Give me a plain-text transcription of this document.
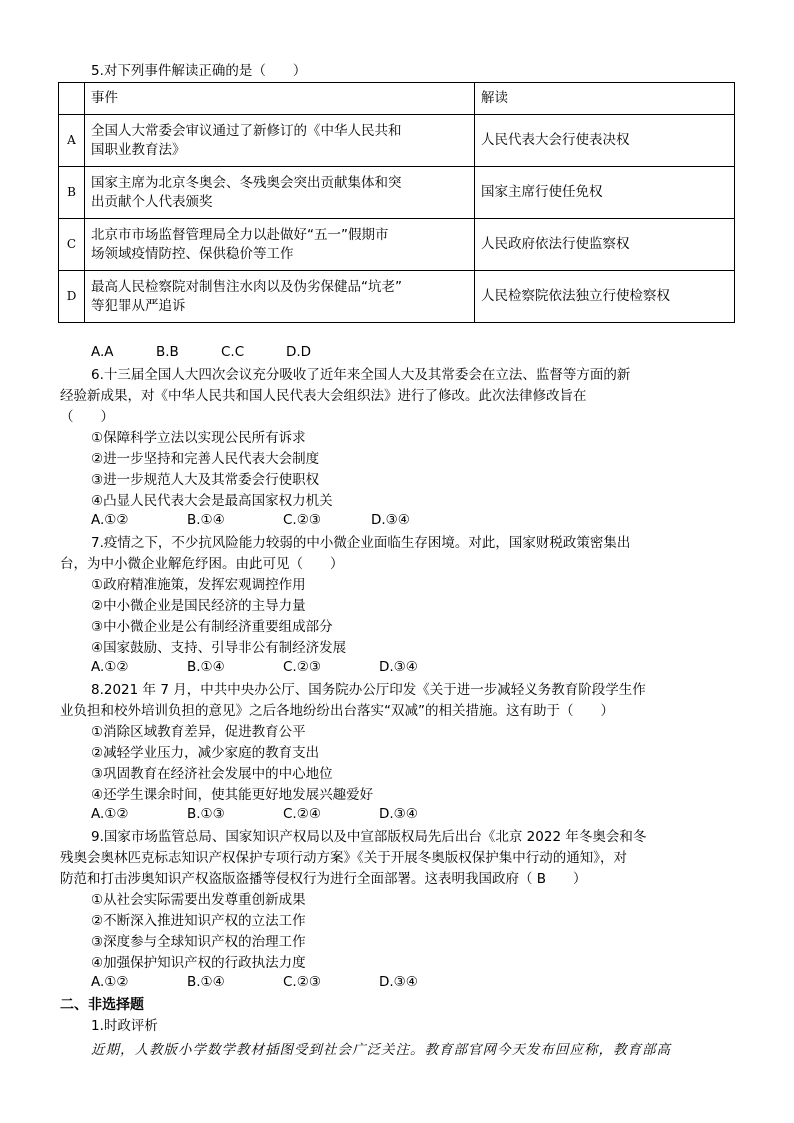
5.对下列事件解读正确的是（　　）
	事件	解读
A	全国人大常委会审议通过了新修订的《中华人民共和
国职业教育法》	人民代表大会行使表决权
B	国家主席为北京冬奥会、冬残奥会突出贡献集体和突
出贡献个人代表颁奖	国家主席行使任免权
C	北京市市场监督管理局全力以赴做好“五一”假期市
场领域疫情防控、保供稳价等工作	人民政府依法行使监察权
D	最高人民检察院对制售注水肉以及伪劣保健品“坑老”
等犯罪从严追诉	人民检察院依法独立行使检察权
A.A	B.B	C.C	D.D
6.十三届全国人大四次会议充分吸收了近年来全国人大及其常委会在立法、监督等方面的新
经验新成果，对《中华人民共和国人民代表大会组织法》进行了修改。此次法律修改旨在
（　　）
①保障科学立法以实现公民所有诉求
②进一步坚持和完善人民代表大会制度
③进一步规范人大及其常委会行使职权
④凸显人民代表大会是最高国家权力机关
A.①②	B.①④	C.②③	D.③④
7.疫情之下，不少抗风险能力较弱的中小微企业面临生存困境。对此，国家财税政策密集出
台，为中小微企业解危纾困。由此可见（　　）
①政府精准施策，发挥宏观调控作用
②中小微企业是国民经济的主导力量
③中小微企业是公有制经济重要组成部分
④国家鼓励、支持、引导非公有制经济发展
A.①②	B.①④	C.②③	D.③④
8.2021 年 7 月，中共中央办公厅、国务院办公厅印发《关于进一步减轻义务教育阶段学生作
业负担和校外培训负担的意见》之后各地纷纷出台落实“双减”的相关措施。这有助于（　　）
①消除区域教育差异，促进教育公平
②减轻学业压力，减少家庭的教育支出
③巩固教育在经济社会发展中的中心地位
④还学生课余时间，使其能更好地发展兴趣爱好
A.①②	B.①③	C.②④	D.③④
9.国家市场监管总局、国家知识产权局以及中宣部版权局先后出台《北京 2022 年冬奥会和冬
残奥会奥林匹克标志知识产权保护专项行动方案》《关于开展冬奥版权保护集中行动的通知》，对
防范和打击涉奥知识产权盗版盗播等侵权行为进行全面部署。这表明我国政府（ B　　）
①从社会实际需要出发尊重创新成果
②不断深入推进知识产权的立法工作
③深度参与全球知识产权的治理工作
④加强保护知识产权的行政执法力度
A.①②	B.①④	C.②③	D.③④
二、非选择题
1.时政评析
近期，人教版小学数学教材插图受到社会广泛关注。教育部官网今天发布回应称，教育部高
